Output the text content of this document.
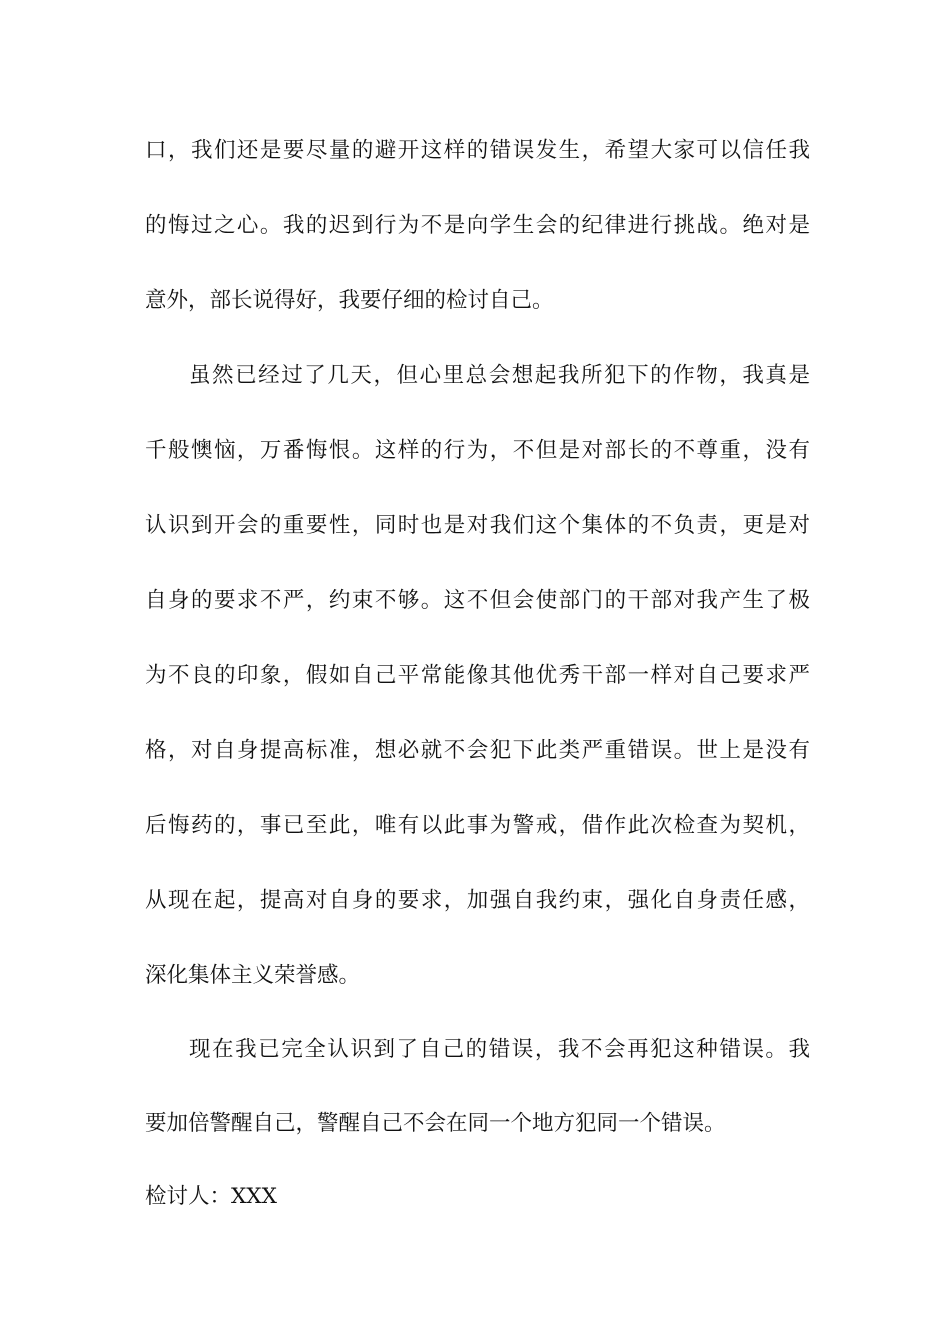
口，我们还是要尽量的避开这样的错误发生，希望大家可以信任我
的悔过之心。我的迟到行为不是向学生会的纪律进行挑战。绝对是
意外，部长说得好，我要仔细的检讨自己。
虽然已经过了几天，但心里总会想起我所犯下的作物，我真是
千般懊恼，万番悔恨。这样的行为，不但是对部长的不尊重，没有
认识到开会的重要性，同时也是对我们这个集体的不负责，更是对
自身的要求不严，约束不够。这不但会使部门的干部对我产生了极
为不良的印象，假如自己平常能像其他优秀干部一样对自己要求严
格，对自身提高标准，想必就不会犯下此类严重错误。世上是没有
后悔药的，事已至此，唯有以此事为警戒，借作此次检查为契机，
从现在起，提高对自身的要求，加强自我约束，强化自身责任感，
深化集体主义荣誉感。
现在我已完全认识到了自己的错误，我不会再犯这种错误。我
要加倍警醒自己，警醒自己不会在同一个地方犯同一个错误。
检讨人：XXX
